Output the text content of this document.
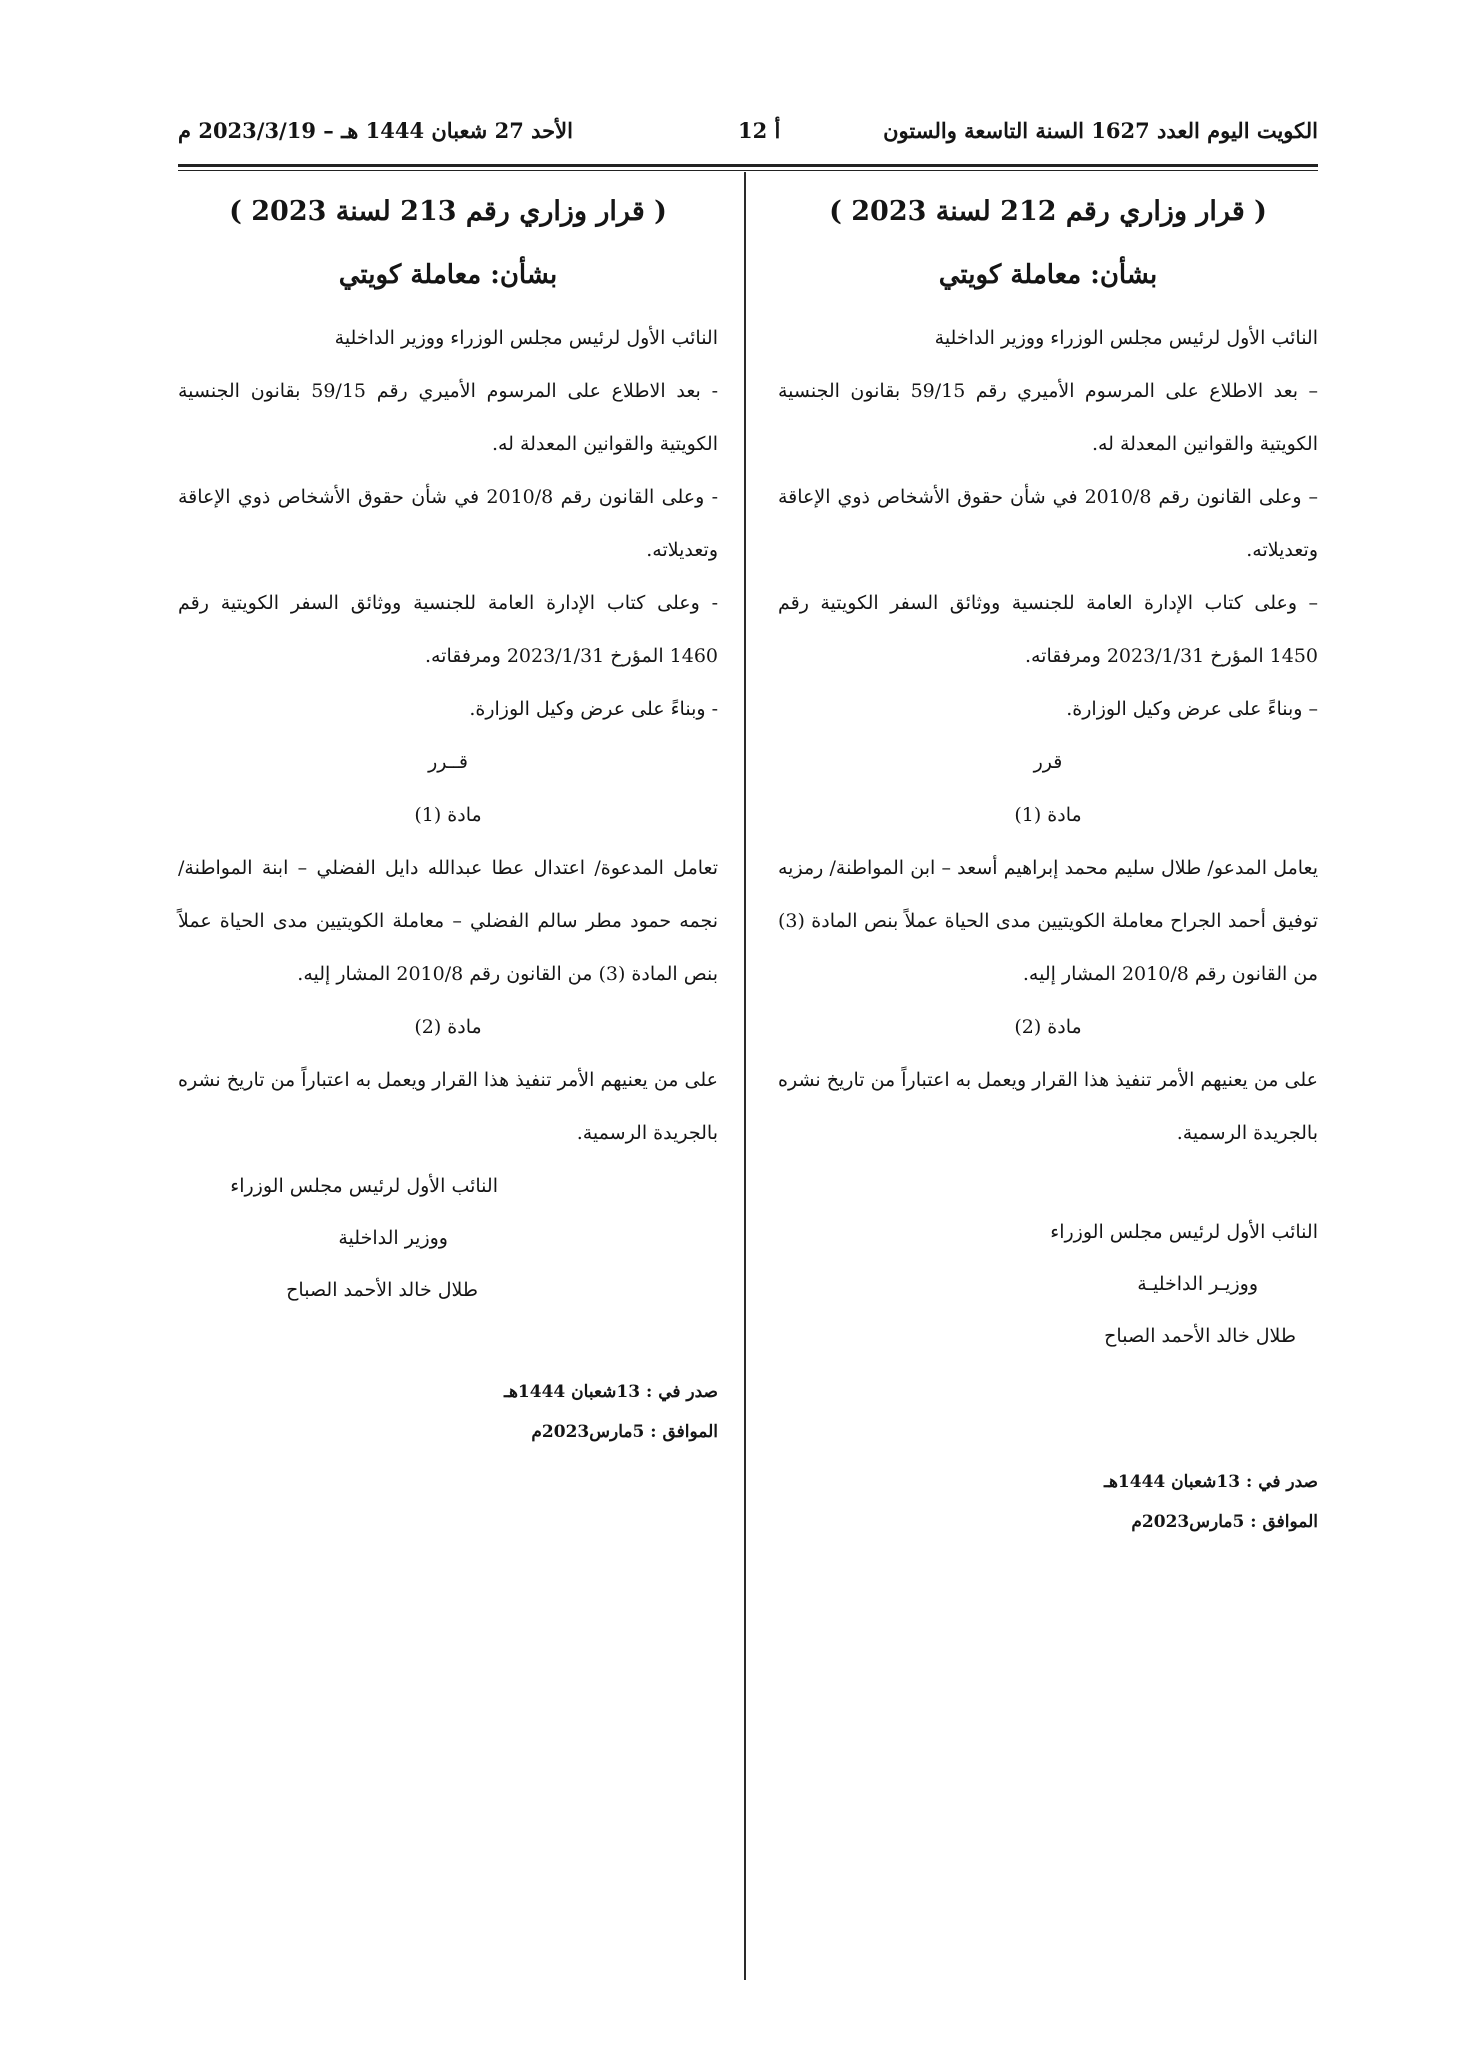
الكويت اليوم العدد 1627 السنة التاسعة والستون
أ 12
الأحد 27 شعبان 1444 هـ – 2023/3/19 م
( قرار وزاري رقم 212 لسنة 2023 )
بشأن: معاملة كويتي

النائب الأول لرئيس مجلس الوزراء ووزير الداخلية

– بعد الاطلاع على المرسوم الأميري رقم 59/15 بقانون الجنسية الكويتية والقوانين المعدلة له.

– وعلى القانون رقم 2010/8 في شأن حقوق الأشخاص ذوي الإعاقة وتعديلاته.

– وعلى كتاب الإدارة العامة للجنسية ووثائق السفر الكويتية رقم 1450 المؤرخ 2023/1/31 ومرفقاته.

– وبناءً على عرض وكيل الوزارة.

قرر

مادة (1)

يعامل المدعو/ طلال سليم محمد إبراهيم أسعد – ابن المواطنة/ رمزيه توفيق أحمد الجراح معاملة الكويتيين مدى الحياة عملاً بنص المادة (3) من القانون رقم 2010/8 المشار إليه.

مادة (2)

على من يعنيهم الأمر تنفيذ هذا القرار ويعمل به اعتباراً من تاريخ نشره بالجريدة الرسمية.

النائب الأول لرئيس مجلس الوزراء

ووزيـر الداخليـة

طلال خالد الأحمد الصباح

صدر في : 13شعبان 1444هـ

الموافق : 5مارس2023م

( قرار وزاري رقم 213 لسنة 2023 )
بشأن: معاملة كويتي

النائب الأول لرئيس مجلس الوزراء ووزير الداخلية

- بعد الاطلاع على المرسوم الأميري رقم 59/15 بقانون الجنسية الكويتية والقوانين المعدلة له.

- وعلى القانون رقم 2010/8 في شأن حقوق الأشخاص ذوي الإعاقة وتعديلاته.

- وعلى كتاب الإدارة العامة للجنسية ووثائق السفر الكويتية رقم 1460 المؤرخ 2023/1/31 ومرفقاته.

- وبناءً على عرض وكيل الوزارة.

قــرر

مادة (1)

تعامل المدعوة/ اعتدال عطا عبدالله دايل الفضلي – ابنة المواطنة/ نجمه حمود مطر سالم الفضلي – معاملة الكويتيين مدى الحياة عملاً بنص المادة (3) من القانون رقم 2010/8 المشار إليه.

مادة (2)

على من يعنيهم الأمر تنفيذ هذا القرار ويعمل به اعتباراً من تاريخ نشره بالجريدة الرسمية.

النائب الأول لرئيس مجلس الوزراء

ووزير الداخلية

طلال خالد الأحمد الصباح

صدر في : 13شعبان 1444هـ

الموافق : 5مارس2023م
